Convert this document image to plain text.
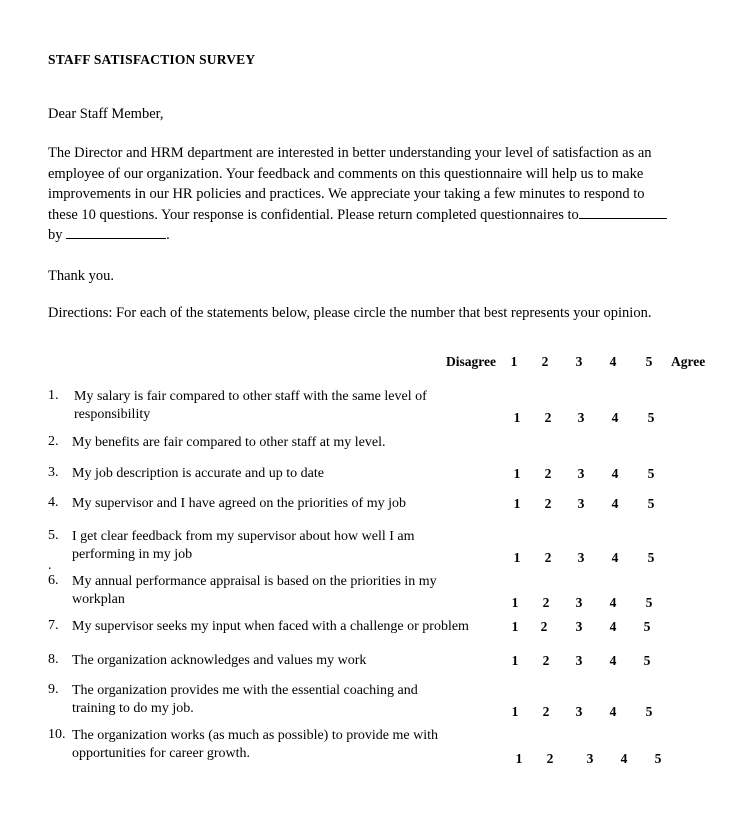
STAFF SATISFACTION SURVEY
Dear Staff Member,
The Director and HRM department are interested in better understanding your level of satisfaction as an employee of our organization. Your feedback and comments on this questionnaire will help us to make improvements in our HR policies and practices. We appreciate your taking a few minutes to respond to these 10 questions. Your response is confidential. Please return completed questionnaires to
by	.
Thank you.
Directions: For each of the statements below, please circle the number that best represents your opinion.
Disagree 1 2 3 4 5 Agree
1.	My salary is fair compared to other staff with the same level of responsibility	1 2 3 4 5
2. My benefits are fair compared to other staff at my level.
3. My job description is accurate and up to date	1 2 3 4 5
4. My supervisor and I have agreed on the priorities of my job	1 2 3 4 5
5. I get clear feedback from my supervisor about how well I am performing in my job	1 2 3 4 5
.
6. My annual performance appraisal is based on the priorities in my workplan	1 2 3 4 5
7. My supervisor seeks my input when faced with a challenge or problem	1 2 3 4 5
8. The organization acknowledges and values my work	1 2 3 4 5
9. The organization provides me with the essential coaching and training to do my job.	1 2 3 4 5
10. The organization works (as much as possible) to provide me with opportunities for career growth.	1 2 3 4 5
